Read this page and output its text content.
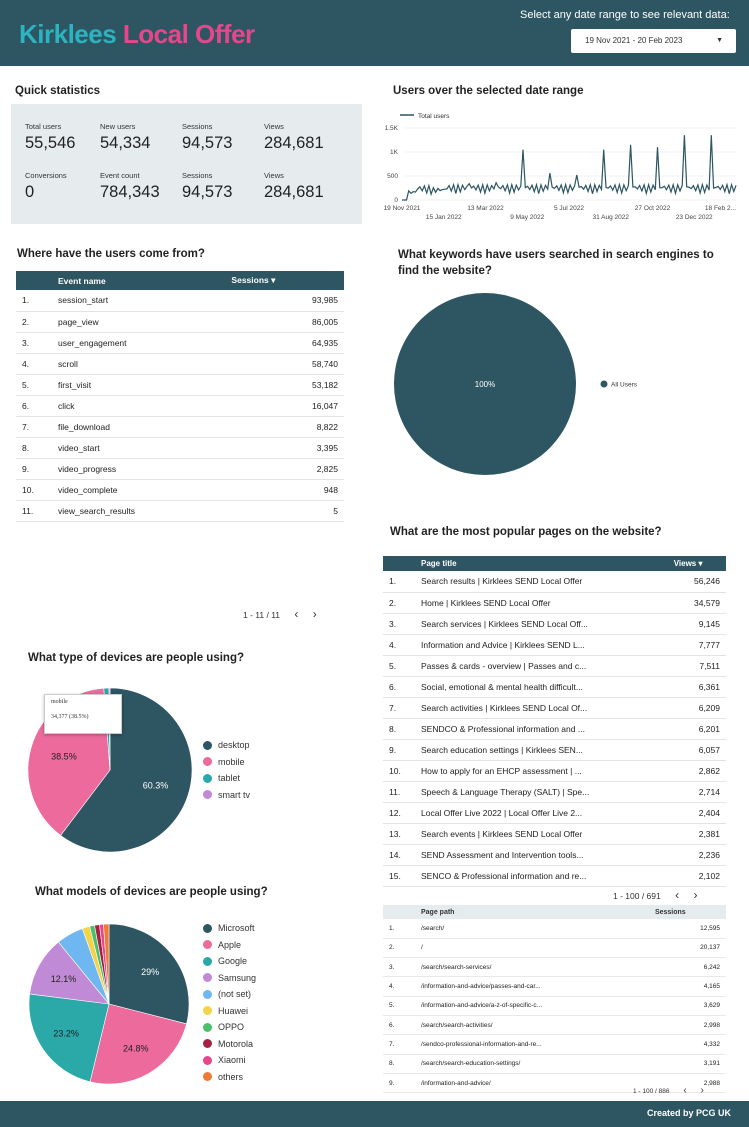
Kirklees Local Offer
Select any date range to see relevant data:
19 Nov 2021 - 20 Feb 2023	▼
Quick statistics
Total users
55,546
New users
54,334
Sessions
94,573
Views
284,681
Conversions
0
Event count
784,343
Sessions
94,573
Views
284,681
Users over the selected date range
Total users
0
500
1K
1.5K
19 Nov 2021	13 Mar 2022	5 Jul 2022	27 Oct 2022	18 Feb 2...
15 Jan 2022	9 May 2022	31 Aug 2022	23 Dec 2022
Where have the users come from?
	Event name	Sessions ▾
1.	session_start	93,985
2.	page_view	86,005
3.	user_engagement	64,935
4.	scroll	58,740
5.	first_visit	53,182
6.	click	16,047
7.	file_download	8,822
8.	video_start	3,395
9.	video_progress	2,825
10.	video_complete	948
11.	view_search_results	5
1 - 11 / 11 ‹ ›
What keywords have users searched in search engines to
find the website?
100%	All Users
What are the most popular pages on the website?
	Page title	Views ▾
1.	Search results | Kirklees SEND Local Offer	56,246
2.	Home | Kirklees SEND Local Offer	34,579
3.	Search services | Kirklees SEND Local Off...	9,145
4.	Information and Advice | Kirklees SEND L...	7,777
5.	Passes & cards - overview | Passes and c...	7,511
6.	Social, emotional & mental health difficult...	6,361
7.	Search activities | Kirklees SEND Local Of...	6,209
8.	SENDCO & Professional information and ...	6,201
9.	Search education settings | Kirklees SEN...	6,057
10.	How to apply for an EHCP assessment | ...	2,862
11.	Speech & Language Therapy (SALT) | Spe...	2,714
12.	Local Offer Live 2022 | Local Offer Live 2...	2,404
13.	Search events | Kirklees SEND Local Offer	2,381
14.	SEND Assessment and Intervention tools...	2,236
15.	SENCO & Professional information and re...	2,102
1 - 100 / 691 ‹ ›
	Page path	Sessions
1.	/search/	12,595
2.	/	20,137
3.	/search/search-services/	6,242
4.	/information-and-advice/passes-and-car...	4,165
5.	/information-and-advice/a-z-of-specific-c...	3,629
6.	/search/search-activities/	2,998
7.	/sendco-professional-information-and-re...	4,332
8.	/search/search-education-settings/	3,191
9.	/information-and-advice/	2,988
1 - 100 / 886 ‹ ›
What type of devices are people using?
60.3%
38.5%
mobile
34,377 (38.5%)
desktop
mobile
tablet
smart tv
What models of devices are people using?
29%
24.8%
23.2%
12.1%
Microsoft
Apple
Google
Samsung
(not set)
Huawei
OPPO
Motorola
Xiaomi
others
Created by PCG UK
